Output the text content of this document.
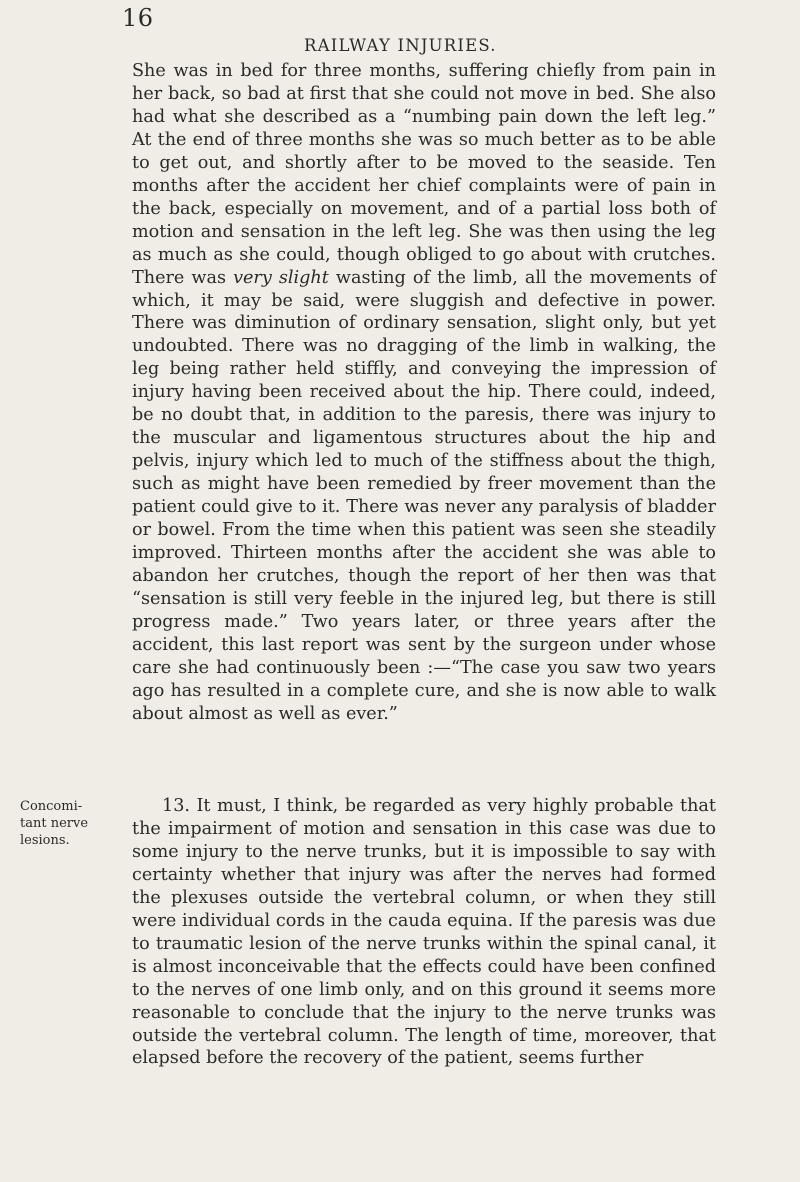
16
RAILWAY INJURIES.

She was in bed for three months, suffering chiefly from pain in her back, so bad at first that she could not move in bed. She also had what she described as a “numbing pain down the left leg.” At the end of three months she was so much better as to be able to get out, and shortly after to be moved to the seaside. Ten months after the accident her chief complaints were of pain in the back, especially on movement, and of a partial loss both of motion and sensation in the left leg. She was then using the leg as much as she could, though obliged to go about with crutches. There was very slight wasting of the limb, all the movements of which, it may be said, were sluggish and defective in power. There was diminution of ordinary sensation, slight only, but yet undoubted. There was no dragging of the limb in walking, the leg being rather held stiffly, and conveying the impression of injury having been received about the hip. There could, indeed, be no doubt that, in addition to the paresis, there was injury to the muscular and ligamentous structures about the hip and pelvis, injury which led to much of the stiffness about the thigh, such as might have been remedied by freer movement than the patient could give to it. There was never any paralysis of bladder or bowel. From the time when this patient was seen she steadily improved. Thirteen months after the accident she was able to abandon her crutches, though the report of her then was that “sensation is still very feeble in the injured leg, but there is still progress made.” Two years later, or three years after the accident, this last report was sent by the surgeon under whose care she had continuously been :—“The case you saw two years ago has resulted in a complete cure, and she is now able to walk about almost as well as ever.”

Concomi-
tant nerve
lesions.

13. It must, I think, be regarded as very highly probable that the impairment of motion and sensation in this case was due to some injury to the nerve trunks, but it is impossible to say with certainty whether that injury was after the nerves had formed the plexuses outside the vertebral column, or when they still were individual cords in the cauda equina. If the paresis was due to traumatic lesion of the nerve trunks within the spinal canal, it is almost inconceivable that the effects could have been confined to the nerves of one limb only, and on this ground it seems more reasonable to conclude that the injury to the nerve trunks was outside the vertebral column. The length of time, moreover, that elapsed before the recovery of the patient, seems further
